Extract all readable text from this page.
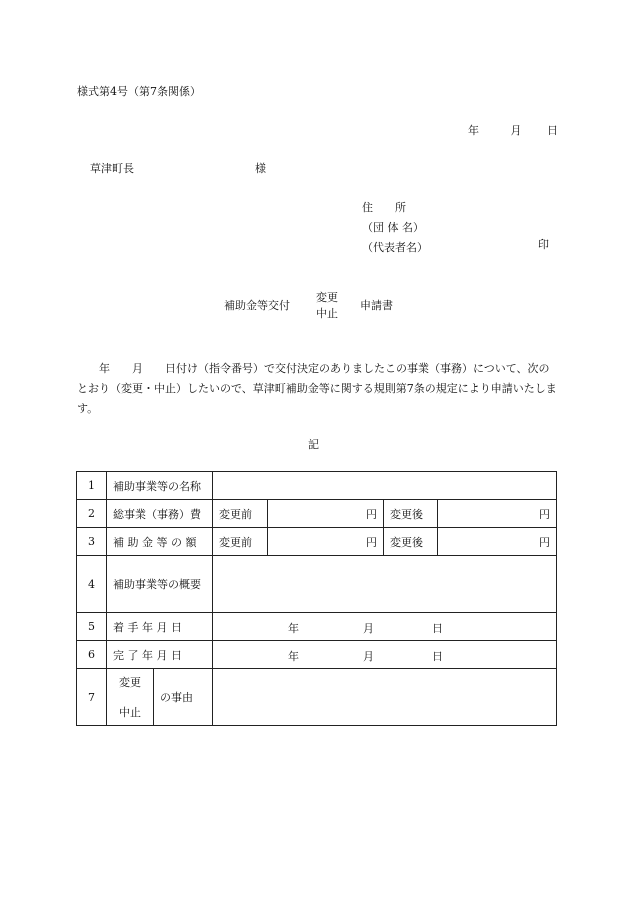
様式第4号（第7条関係）
年	月 日
草津町長	様
住　　所
（団 体 名）
（代表者名）	印
補助金等交付
変更
中止
申請書
　　年　　月　　日付け（指令番号）で交付決定のありましたこの事業（事務）について、次のとおり（変更・中止）したいので、草津町補助金等に関する規則第7条の規定により申請いたします。
記
1	補助事業等の名称					
2	総事業（事務）費		変更前	円	変更後	円
3	補 助 金 等 の 額		変更前	円	変更後	円
4	補助事業等の概要					
5	着 手 年 月 日		年 月 日			

6	完 了 年 月 日		年 月 日			

7	変更
中止	の事由				
